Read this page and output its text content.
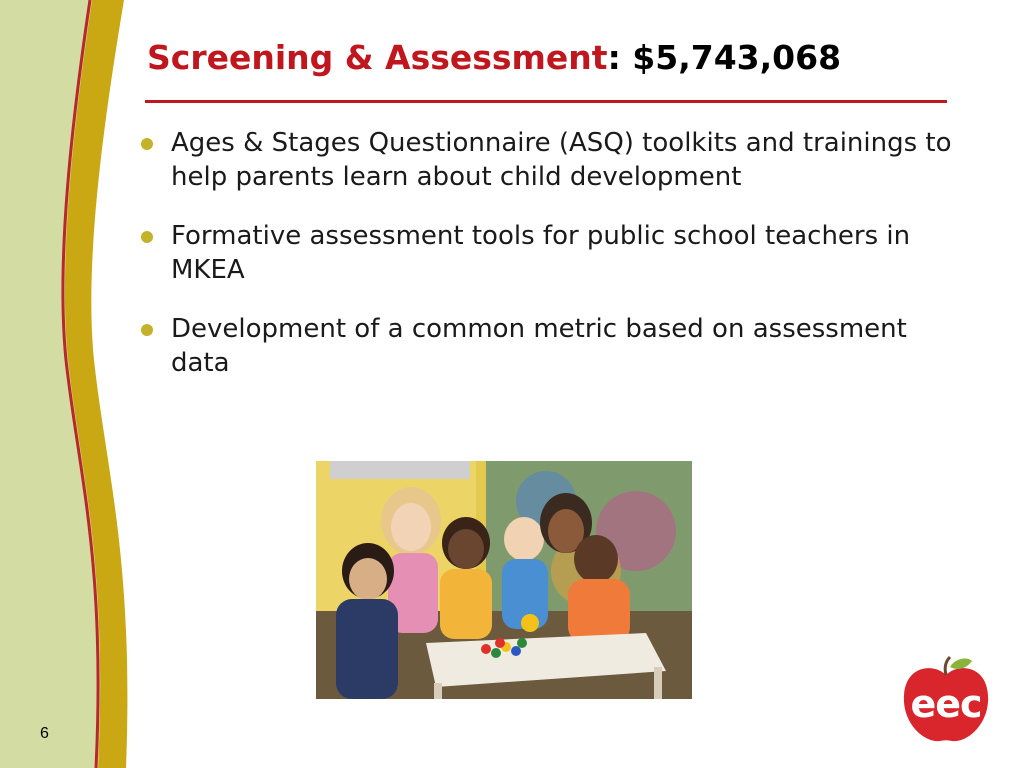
Screening & Assessment: $5,743,068
Ages & Stages Questionnaire (ASQ) toolkits and trainings to help parents learn about child development
Formative assessment tools for public school teachers in MKEA
Development of a common metric based on assessment data
6
eec
